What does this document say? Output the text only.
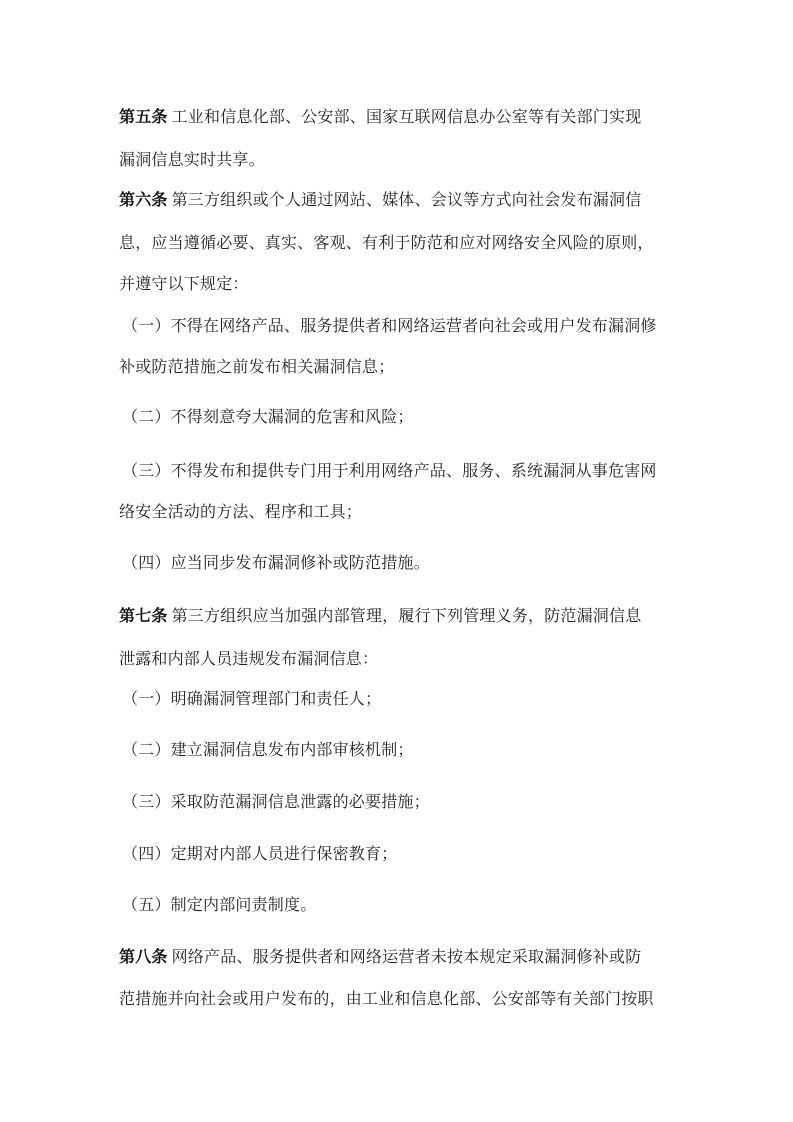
第五条 工业和信息化部、公安部、国家互联网信息办公室等有关部门实现
漏洞信息实时共享。
第六条 第三方组织或个人通过网站、媒体、会议等方式向社会发布漏洞信
息，应当遵循必要、真实、客观、有利于防范和应对网络安全风险的原则，
并遵守以下规定：
（一）不得在网络产品、服务提供者和网络运营者向社会或用户发布漏洞修
补或防范措施之前发布相关漏洞信息；
（二）不得刻意夸大漏洞的危害和风险；
（三）不得发布和提供专门用于利用网络产品、服务、系统漏洞从事危害网
络安全活动的方法、程序和工具；
（四）应当同步发布漏洞修补或防范措施。
第七条 第三方组织应当加强内部管理，履行下列管理义务，防范漏洞信息
泄露和内部人员违规发布漏洞信息：
（一）明确漏洞管理部门和责任人；
（二）建立漏洞信息发布内部审核机制；
（三）采取防范漏洞信息泄露的必要措施；
（四）定期对内部人员进行保密教育；
（五）制定内部问责制度。
第八条 网络产品、服务提供者和网络运营者未按本规定采取漏洞修补或防
范措施并向社会或用户发布的，由工业和信息化部、公安部等有关部门按职
